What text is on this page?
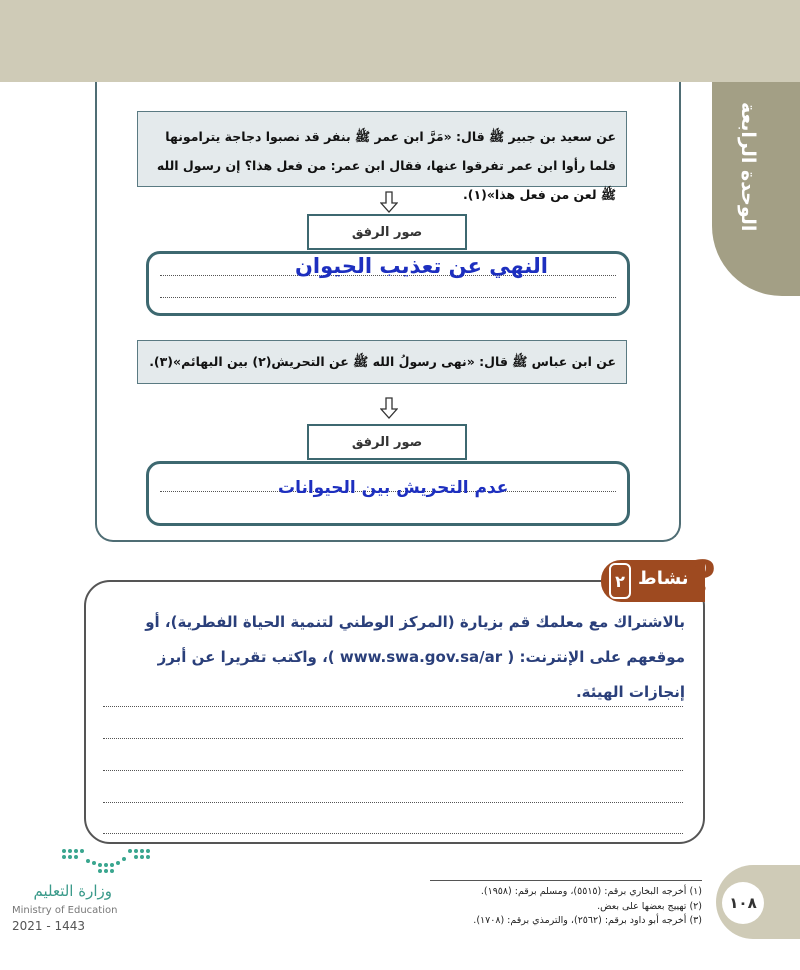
الوحدة الرابعة
عن سعيد بن جبير ﷺ قال: «مَرَّ ابن عمر ﷺ بنفر قد نصبوا دجاجة يترامونها فلما رأوا ابن عمر تفرقوا عنها، فقال ابن عمر: من فعل هذا؟ إن رسول الله ﷺ لعن من فعل هذا»(١).
صور الرفق
النهي عن تعذيب الحيوان
عن ابن عباس ﷺ قال: «نهى رسولُ الله ﷺ عن التحريش(٢) بين البهائم»(٣).
صور الرفق
عدم التحريش بين الحيوانات
٢ نشاط ?
بالاشتراك مع معلمك قم بزيارة (المركز الوطني لتنمية الحياة الفطرية)، أو موقعهم على الإنترنت: ( www.swa.gov.sa/ar )، واكتب تقريرا عن أبرز إنجازات الهيئة.
١٠٨
(١) أخرجه البخاري برقم: (٥٥١٥)، ومسلم برقم: (١٩٥٨).
(٢) تهييج بعضها على بعض.
(٣) أخرجه أبو داود برقم: (٢٥٦٢)، والترمذي برقم: (١٧٠٨).
وزارة التعليم
Ministry of Education
2021 - 1443
